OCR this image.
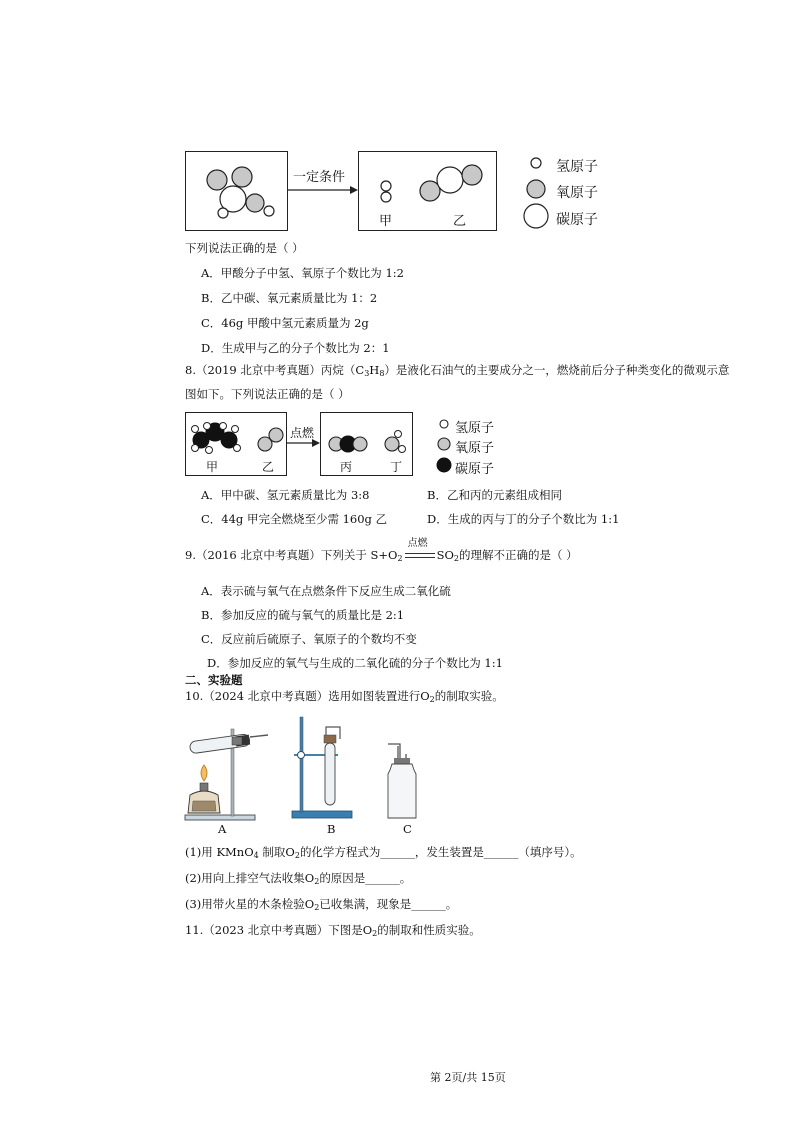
一定条件
甲	乙
氢原子
氧原子
碳原子
下列说法正确的是（ ）
A．甲酸分子中氢、氧原子个数比为 1:2
B．乙中碳、氧元素质量比为 1：2
C．46g 甲酸中氢元素质量为 2g
D．生成甲与乙的分子个数比为 2：1
8.（2019 北京中考真题）丙烷$(C_3H_8)$是液化石油气的主要成分之一，燃烧前后分子种类变化的微观示意
图如下。下列说法正确的是（ ）
甲	乙
点燃
丙	丁
氢原子
氧原子
碳原子
A．甲中碳、氢元素质量比为 3:8	B．乙和丙的元素组成相同
C．44g 甲完全燃烧至少需 160g 乙	D．生成的丙与丁的分子个数比为 1:1
9.（2016 北京中考真题）下列关于 $S+O_2$
点燃
$SO_2$的理解不正确的是（ ）
A．表示硫与氧气在点燃条件下反应生成二氧化硫
B．参加反应的硫与氧气的质量比是 2:1
C．反应前后硫原子、氧原子的个数均不变
D．参加反应的氧气与生成的二氧化硫的分子个数比为 1:1
二、实验题
10.（2024 北京中考真题）选用如图装置进行$O_2$的制取实验。
A	B	C
(1)用 KMnO$_4$ 制取$O_2$的化学方程式为______，发生装置是______（填序号）。
(2)用向上排空气法收集$O_2$的原因是______。
(3)用带火星的木条检验$O_2$已收集满，现象是______。
11.（2023 北京中考真题）下图是$O_2$的制取和性质实验。
第 2页/共 15页
